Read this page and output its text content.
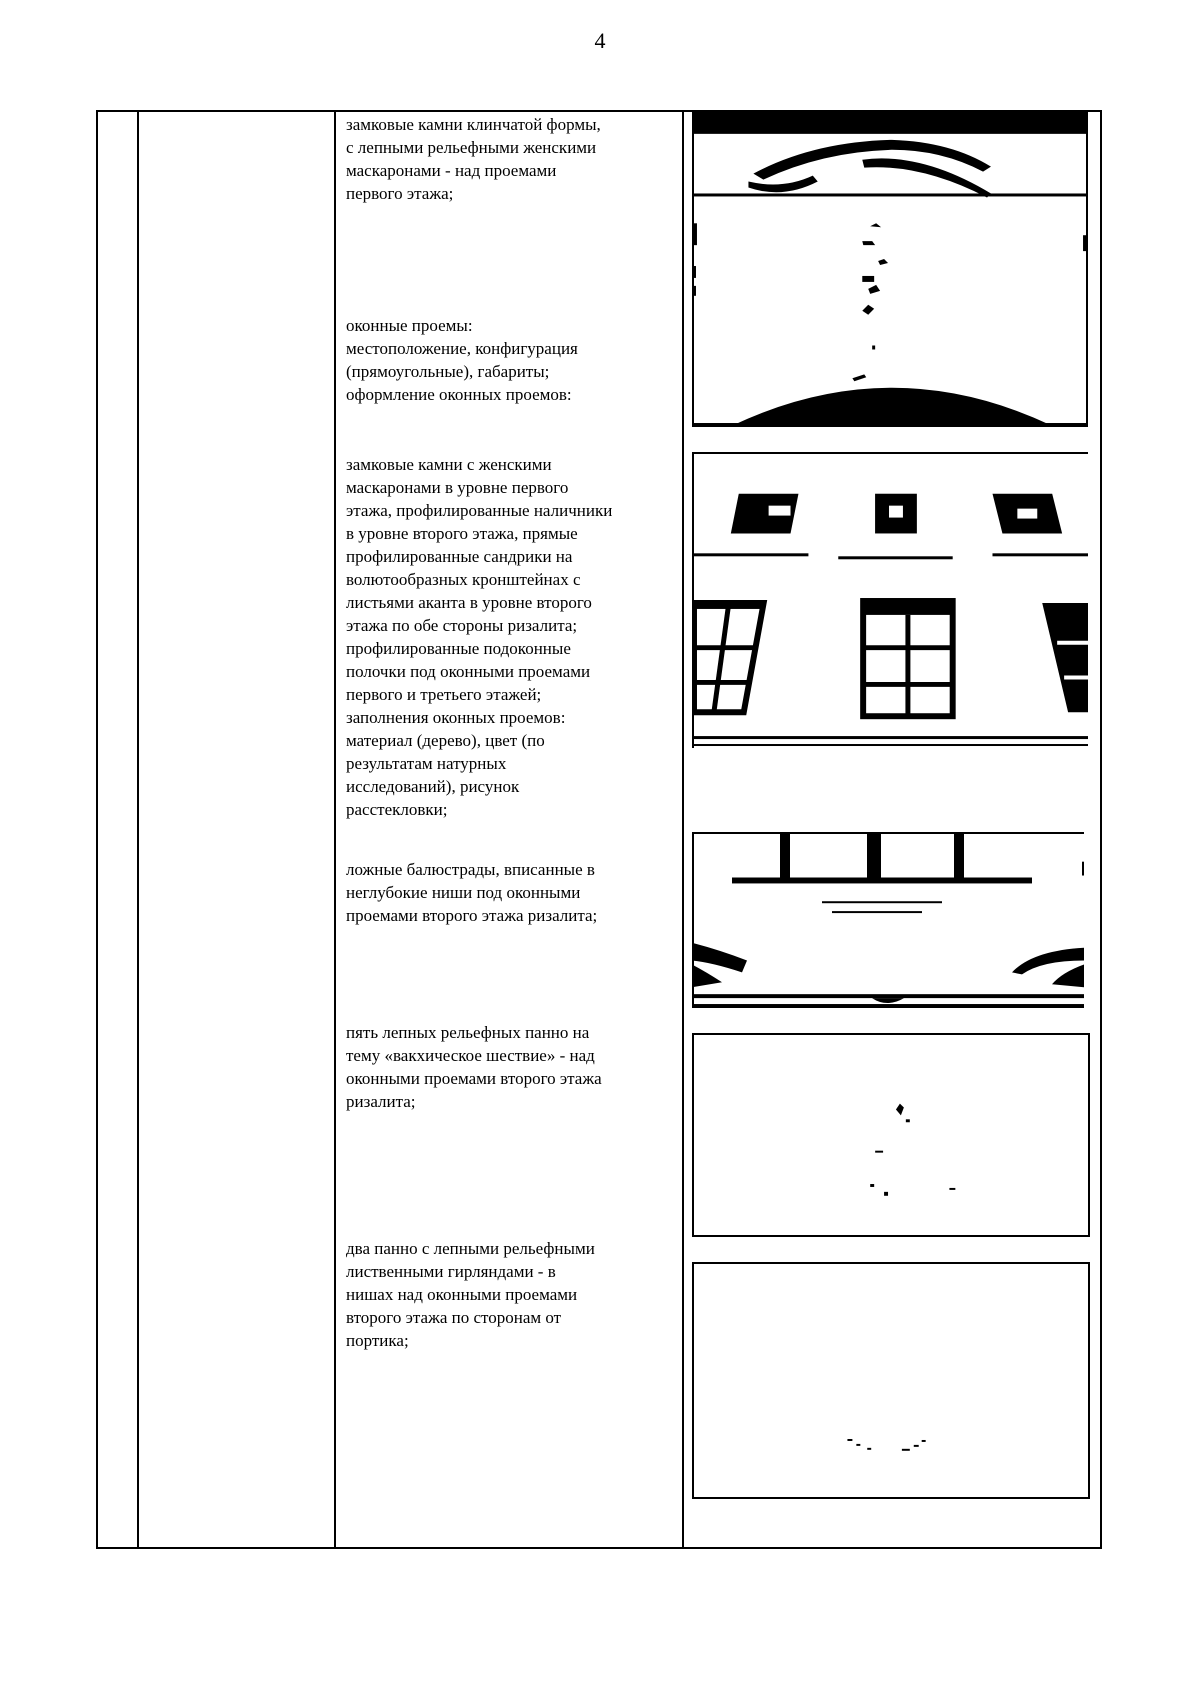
4
замковые камни клинчатой формы,
с лепными рельефными женскими
маскаронами - над проемами
первого этажа;
оконные проемы:
местоположение, конфигурация
(прямоугольные), габариты;
оформление оконных проемов:
замковые камни с женскими
маскаронами в уровне первого
этажа, профилированные наличники
в уровне второго этажа, прямые
профилированные сандрики на
волютообразных кронштейнах с
листьями аканта в уровне второго
этажа по обе стороны ризалита;
профилированные подоконные
полочки под оконными проемами
первого и третьего этажей;
заполнения оконных проемов:
материал (дерево), цвет (по
результатам натурных
исследований), рисунок
расстекловки;
ложные балюстрады, вписанные в
неглубокие ниши под оконными
проемами второго этажа ризалита;
пять лепных рельефных панно на
тему «вакхическое шествие» - над
оконными проемами второго этажа
ризалита;
два панно с лепными рельефными
лиственными гирляндами - в
нишах над оконными проемами
второго этажа по сторонам от
портика;
